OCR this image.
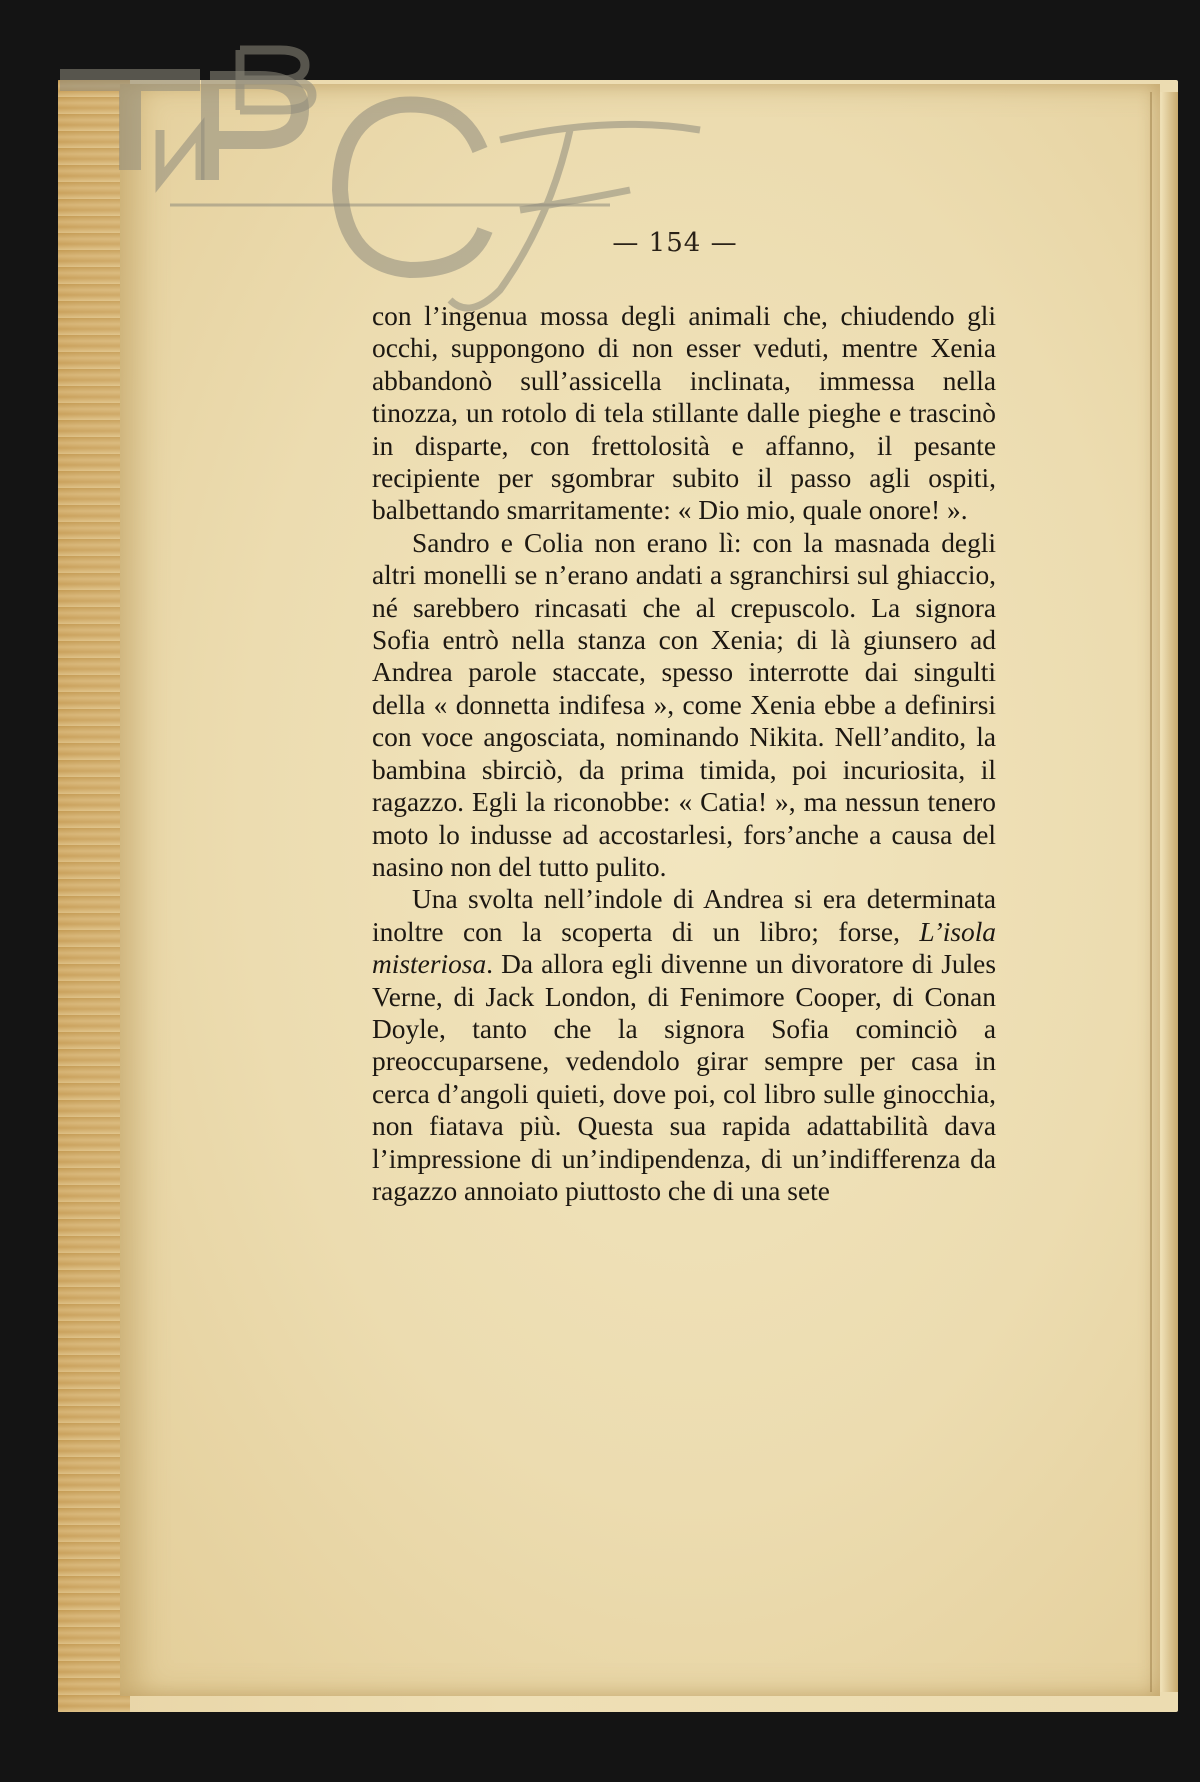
— 154 —

con l’ingenua mossa degli animali che, chiudendo gli occhi, suppongono di non esser veduti, mentre Xenia abbandonò sull’assicella inclinata, immessa nella tinozza, un rotolo di tela stillante dalle pieghe e trascinò in disparte, con frettolosità e affanno, il pesante recipiente per sgombrar subito il passo agli ospiti, balbettando smarritamente: « Dio mio, quale onore! ».

Sandro e Colia non erano lì: con la masnada degli altri monelli se n’erano andati a sgranchirsi sul ghiaccio, né sarebbero rincasati che al crepuscolo. La signora Sofia entrò nella stanza con Xenia; di là giunsero ad Andrea parole staccate, spesso interrotte dai singulti della « donnetta indifesa », come Xenia ebbe a definirsi con voce angosciata, nominando Nikita. Nell’andito, la bambina sbirciò, da prima timida, poi incuriosita, il ragazzo. Egli la riconobbe: « Catia! », ma nessun tenero moto lo indusse ad accostarlesi, fors’anche a causa del nasino non del tutto pulito.

Una svolta nell’indole di Andrea si era determinata inoltre con la scoperta di un libro; forse, L’isola misteriosa. Da allora egli divenne un divoratore di Jules Verne, di Jack London, di Fenimore Cooper, di Conan Doyle, tanto che la signora Sofia cominciò a preoccuparsene, vedendolo girar sempre per casa in cerca d’angoli quieti, dove poi, col libro sulle ginocchia, non fiatava più. Questa sua rapida adattabilità dava l’impressione di un’indipendenza, di un’indifferenza da ragazzo annoiato piuttosto che di una sete
